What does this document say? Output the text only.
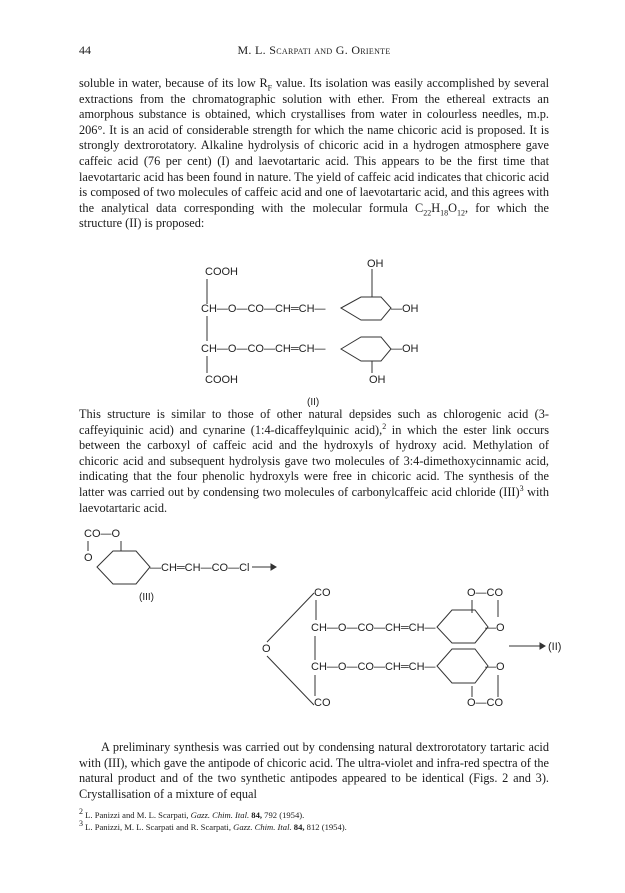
44	M. L. Scarpati and G. Oriente

soluble in water, because of its low $R_F$ value. Its isolation was easily accomplished by several extractions from the chromatographic solution with ether. From the ethereal extracts an amorphous substance is obtained, which crystallises from water in colourless needles, m.p. 206°. It is an acid of considerable strength for which the name chicoric acid is proposed. It is strongly dextrorotatory. Alkaline hydrolysis of chicoric acid in a hydrogen atmosphere gave caffeic acid (76 per cent) (I) and laevotartaric acid. This appears to be the first time that laevotartaric acid has been found in nature. The yield of caffeic acid indicates that chicoric acid is composed of two molecules of caffeic acid and one of laevotartaric acid, and this agrees with the analytical data corresponding with the molecular formula $C_{22}H_{18}O_{12}$, for which the structure (II) is proposed:

COOH
CH—O—CO—CH═CH—
OH
—OH
CH—O—CO—CH═CH—	—OH
OH
COOH
(II)
CO—O
O
—CH═CH—CO—Cl
(III)	CO	O—CO
CH—O—CO—CH═CH—	—O
CH—O—CO—CH═CH—	—O
CO	O—CO
O	(II)

This structure is similar to those of other natural depsides such as chlorogenic acid (3-caffeyiquinic acid) and cynarine (1:4-dicaffeylquinic acid),$^2$ in which the ester link occurs between the carboxyl of caffeic acid and the hydroxyls of hydroxy acid. Methylation of chicoric acid and subsequent hydrolysis gave two molecules of 3:4-dimethoxycinnamic acid, indicating that the four phenolic hydroxyls were free in chicoric acid. The synthesis of the latter was carried out by condensing two molecules of carbonylcaffeic acid chloride (III)$^3$ with laevotartaric acid.

A preliminary synthesis was carried out by condensing natural dextrorotatory tartaric acid with (III), which gave the antipode of chicoric acid. The ultra-violet and infra-red spectra of the natural product and of the two synthetic antipodes appeared to be identical (Figs. 2 and 3). Crystallisation of a mixture of equal

$^2$ L. Panizzi and M. L. Scarpati, Gazz. Chim. Ital. 84, 792 (1954).

$^3$ L. Panizzi, M. L. Scarpati and R. Scarpati, Gazz. Chim. Ital. 84, 812 (1954).
